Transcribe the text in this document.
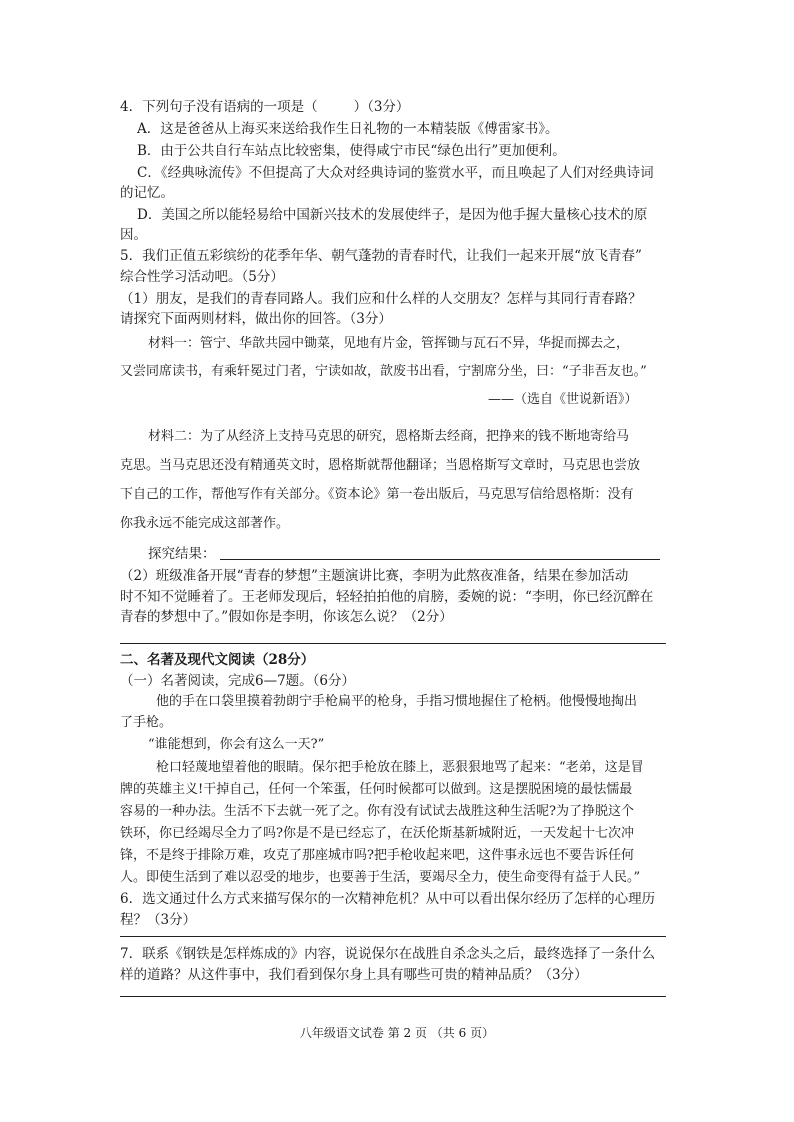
4．下列句子没有语病的一项是（	）（3分）
A．这是爸爸从上海买来送给我作生日礼物的一本精装版《傅雷家书》。
B．由于公共自行车站点比较密集，使得咸宁市民“绿色出行”更加便利。
C．《经典咏流传》不但提高了大众对经典诗词的鉴赏水平，而且唤起了人们对经典诗词
的记忆。
D．美国之所以能轻易给中国新兴技术的发展使绊子，是因为他手握大量核心技术的原
因。
5．我们正值五彩缤纷的花季年华、朝气蓬勃的青春时代，让我们一起来开展“放飞青春”
综合性学习活动吧。（5分）
（1）朋友，是我们的青春同路人。我们应和什么样的人交朋友？怎样与其同行青春路？
请探究下面两则材料，做出你的回答。（3分）
材料一：管宁、华歆共园中锄菜，见地有片金，管挥锄与瓦石不异，华捉而掷去之，
又尝同席读书，有乘轩冕过门者，宁读如故，歆废书出看，宁割席分坐，曰：“子非吾友也。”
——（选自《世说新语》）
材料二：为了从经济上支持马克思的研究，恩格斯去经商，把挣来的钱不断地寄给马
克思。当马克思还没有精通英文时，恩格斯就帮他翻译；当恩格斯写文章时，马克思也尝放
下自己的工作，帮他写作有关部分。《资本论》第一卷出版后，马克思写信给恩格斯：没有
你我永远不能完成这部著作。
探究结果：
（2）班级准备开展“青春的梦想”主题演讲比赛，李明为此熬夜准备，结果在参加活动
时不知不觉睡着了。王老师发现后，轻轻拍拍他的肩膀，委婉的说：“李明，你已经沉醉在
青春的梦想中了。”假如你是李明，你该怎么说？（2分）
二、名著及现代文阅读（28分）
（一）名著阅读，完成6—7题。（6分）
他的手在口袋里摸着勃朗宁手枪扁平的枪身，手指习惯地握住了枪柄。他慢慢地掏出
了手枪。
“谁能想到，你会有这么一天?”
枪口轻蔑地望着他的眼睛。保尔把手枪放在膝上，恶狠狠地骂了起来：“老弟，这是冒
牌的英雄主义!干掉自己，任何一个笨蛋，任何时候都可以做到。这是摆脱困境的最怯懦最
容易的一种办法。生活不下去就一死了之。你有没有试试去战胜这种生活呢?为了挣脱这个
铁环，你已经竭尽全力了吗?你是不是已经忘了，在沃伦斯基新城附近，一天发起十七次冲
锋，不是终于排除万难，攻克了那座城市吗?把手枪收起来吧，这件事永远也不要告诉任何
人。即使生活到了难以忍受的地步，也要善于生活，要竭尽全力，使生命变得有益于人民。”
6．选文通过什么方式来描写保尔的一次精神危机？从中可以看出保尔经历了怎样的心理历
程？（3分）
7．联系《钢铁是怎样炼成的》内容，说说保尔在战胜自杀念头之后，最终选择了一条什么
样的道路？从这件事中，我们看到保尔身上具有哪些可贵的精神品质？（3分）
八年级语文试卷 第 2 页 （共 6 页）
